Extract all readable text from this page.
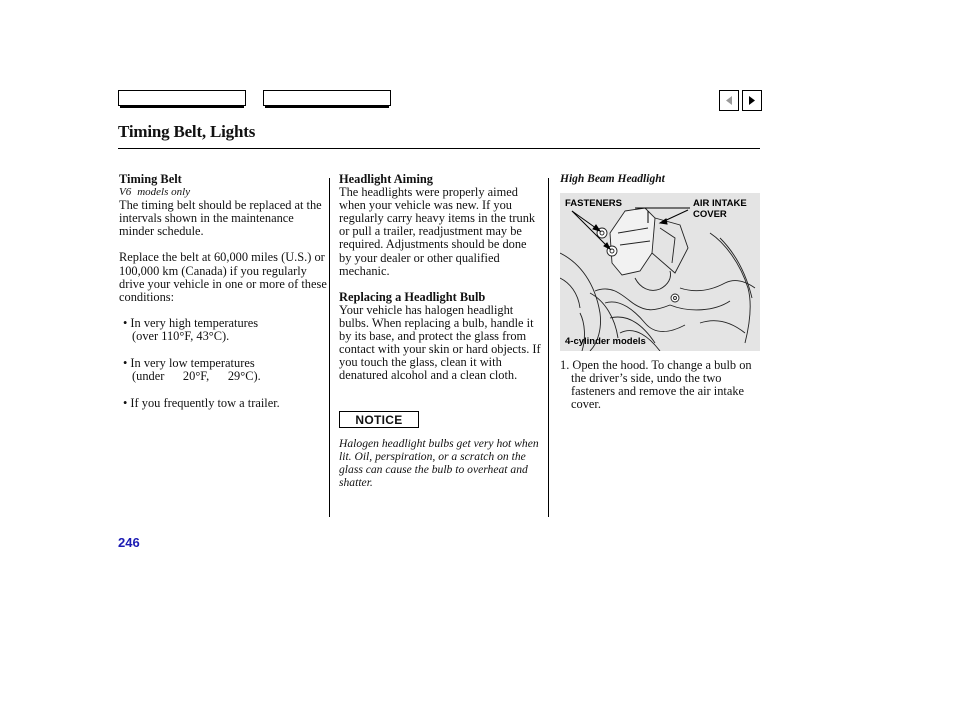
Timing Belt, Lights

Timing Belt

V6 models only

The timing belt should be replaced at the intervals shown in the maintenance minder schedule.

Replace the belt at 60,000 miles (U.S.) or 100,000 km (Canada) if you regularly drive your vehicle in one or more of these conditions:

• In very high temperatures (over 110°F, 43°C).

• In very low temperatures (under   20°F,   29°C).

• If you frequently tow a trailer.

Headlight Aiming

The headlights were properly aimed when your vehicle was new. If you regularly carry heavy items in the trunk or pull a trailer, readjustment may be required. Adjustments should be done by your dealer or other qualified mechanic.

Replacing a Headlight Bulb

Your vehicle has halogen headlight bulbs. When replacing a bulb, handle it by its base, and protect the glass from contact with your skin or hard objects. If you touch the glass, clean it with denatured alcohol and a clean cloth.

NOTICE
Halogen headlight bulbs get very hot when lit. Oil, perspiration, or a scratch on the glass can cause the bulb to overheat and shatter.
High Beam Headlight
FASTENERS	AIR INTAKE COVER
4-cylinder models

1. Open the hood. To change a bulb on the driver’s side, undo the two fasteners and remove the air intake cover.

246
